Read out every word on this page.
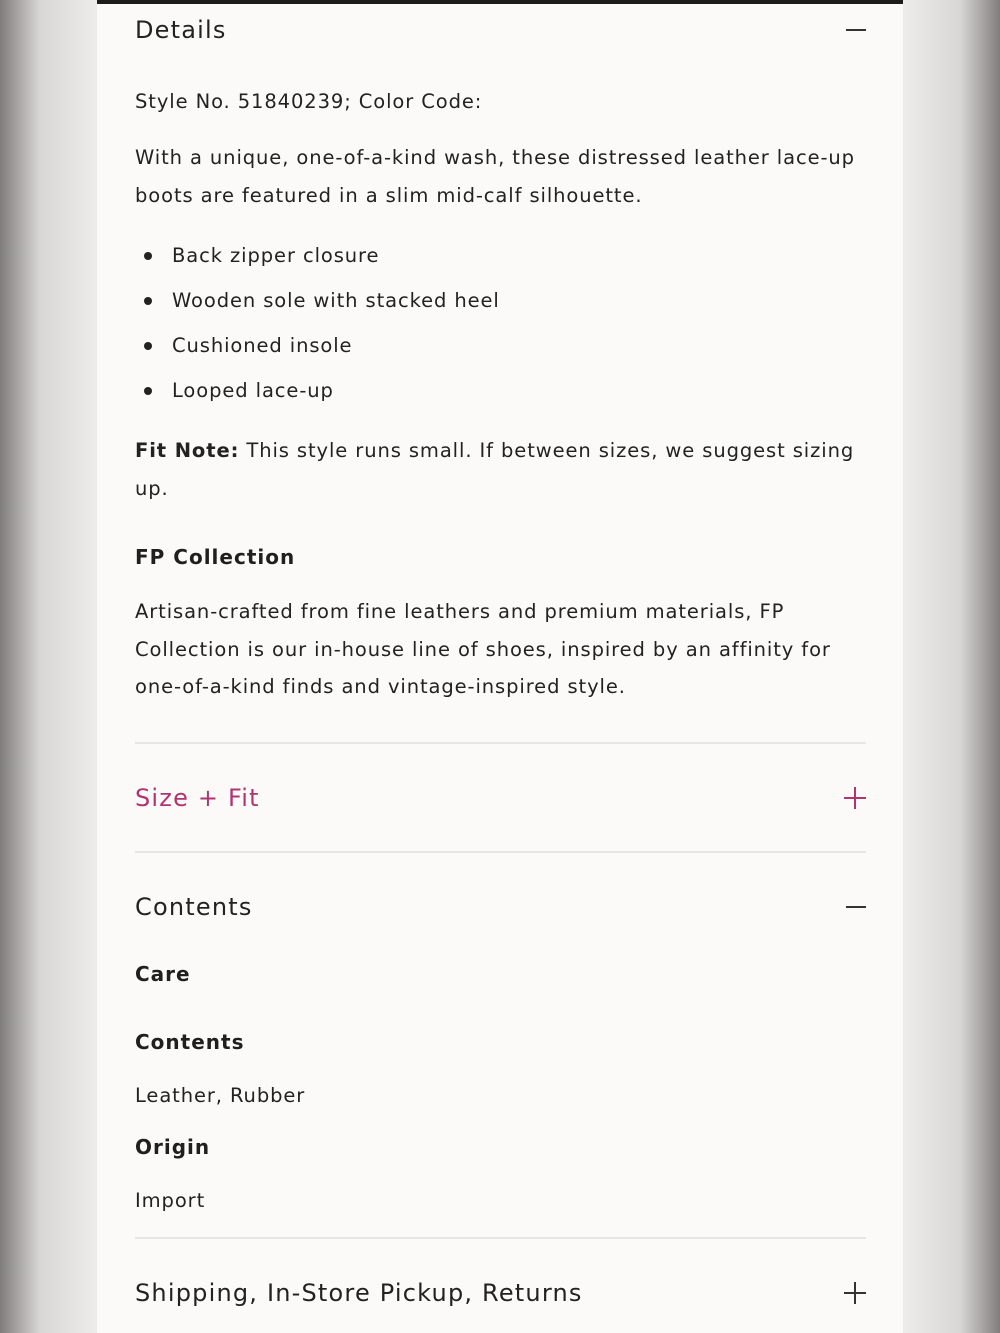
Details

Style No. 51840239; Color Code:

With a unique, one-of-a-kind wash, these distressed leather lace-up boots are featured in a slim mid-calf silhouette.

Back zipper closure
Wooden sole with stacked heel
Cushioned insole
Looped lace-up

Fit Note: This style runs small. If between sizes, we suggest sizing up.

FP Collection

Artisan-crafted from fine leathers and premium materials, FP Collection is our in-house line of shoes, inspired by an affinity for one-of-a-kind finds and vintage-inspired style.

Size + Fit
Contents
Care
Contents

Leather, Rubber

Origin

Import

Shipping, In-Store Pickup, Returns
